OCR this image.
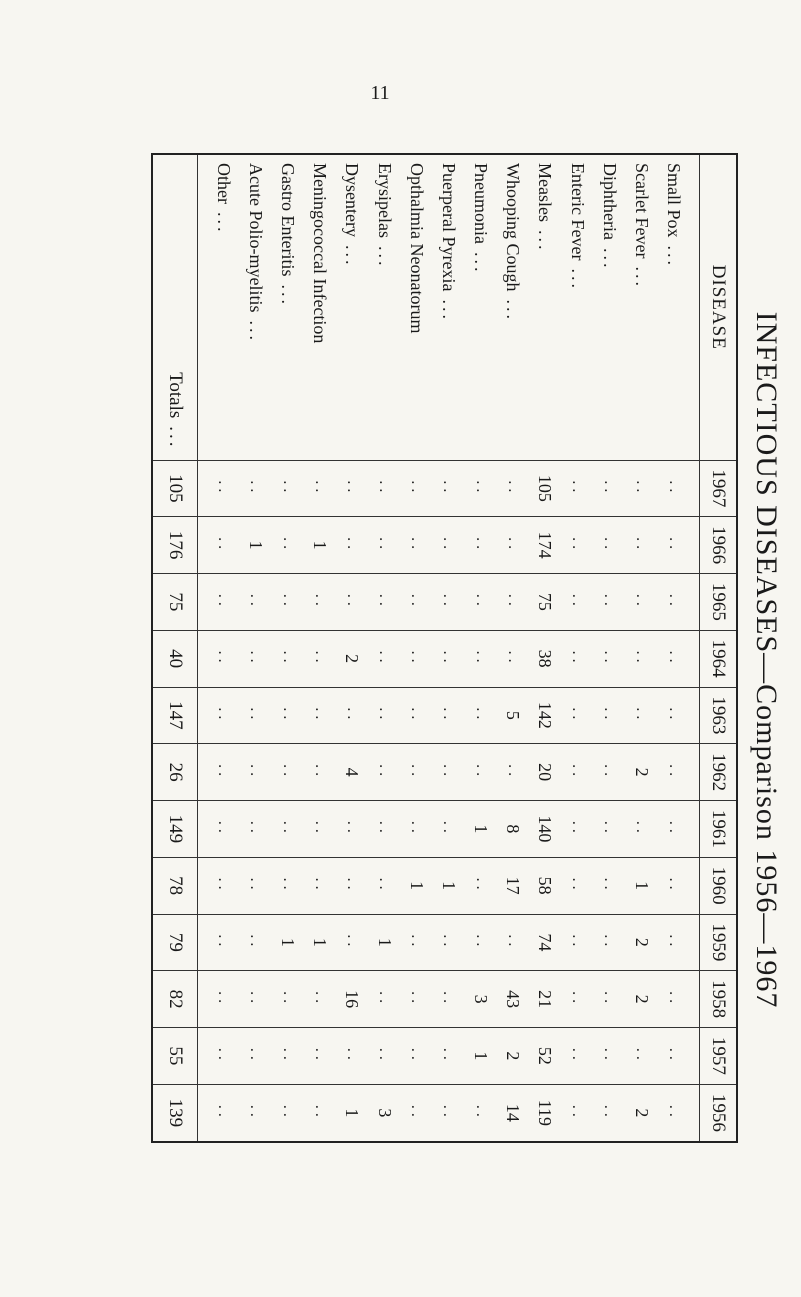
11
INFECTIOUS DISEASES—Comparison 1956—1967
DISEASE	1967	1966	1965	1964	1963	1962	1961	1960	1959	1958	1957	1956

Small Pox...	..	..	..	..	..	..	..	..	..	..	..	..
Scarlet Fever...	..	..	..	..	..	2	..	1	2	2	..	2
Diphtheria...	..	..	..	..	..	..	..	..	..	..	..	..
Enteric Fever...	..	..	..	..	..	..	..	..	..	..	..	..
Measles...	105	174	75	38	142	20	140	58	74	21	52	119
Whooping Cough...	..	..	..	..	5	..	8	17	..	43	2	14
Pneumonia...	..	..	..	..	..	..	1	..	..	3	1	..
Puerperal Pyrexia...	..	..	..	..	..	..	..	1	..	..	..	..
Opthalmia Neonatorum	..	..	..	..	..	..	..	1	..	..	..	..
Erysipelas...	..	..	..	..	..	..	..	..	1	..	..	3
Dysentery...	..	..	..	2	..	4	..	..	..	16	..	1
Meningococcal Infection	..	1	..	..	..	..	..	..	1	..	..	..
Gastro Enteritis...	..	..	..	..	..	..	..	..	1	..	..	..
Acute Polio-myelitis...	..	1	..	..	..	..	..	..	..	..	..	..
Other...	..	..	..	..	..	..	..	..	..	..	..	..

Totals...	105	176	75	40	147	26	149	78	79	82	55	139
